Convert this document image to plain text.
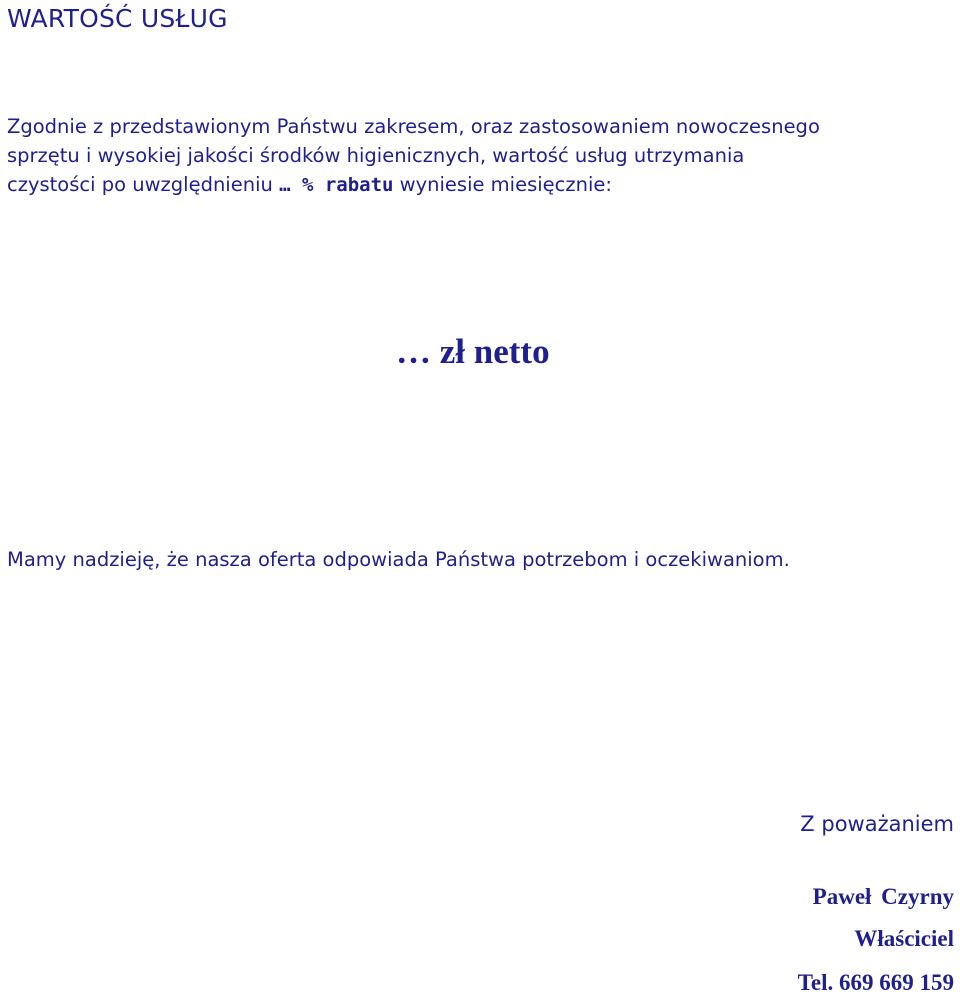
WARTOŚĆ USŁUG

Zgodnie z przedstawionym Państwu zakresem, oraz zastosowaniem nowoczesnego
sprzętu i wysokiej jakości środków higienicznych, wartość usług utrzymania
czystości po uwzględnieniu … % rabatu wyniesie miesięcznie:

… zł netto

Mamy nadzieję, że nasza oferta odpowiada Państwa potrzebom i oczekiwaniom.

Z poważaniem
Paweł Czyrny
Właściciel
Tel. 669 669 159
